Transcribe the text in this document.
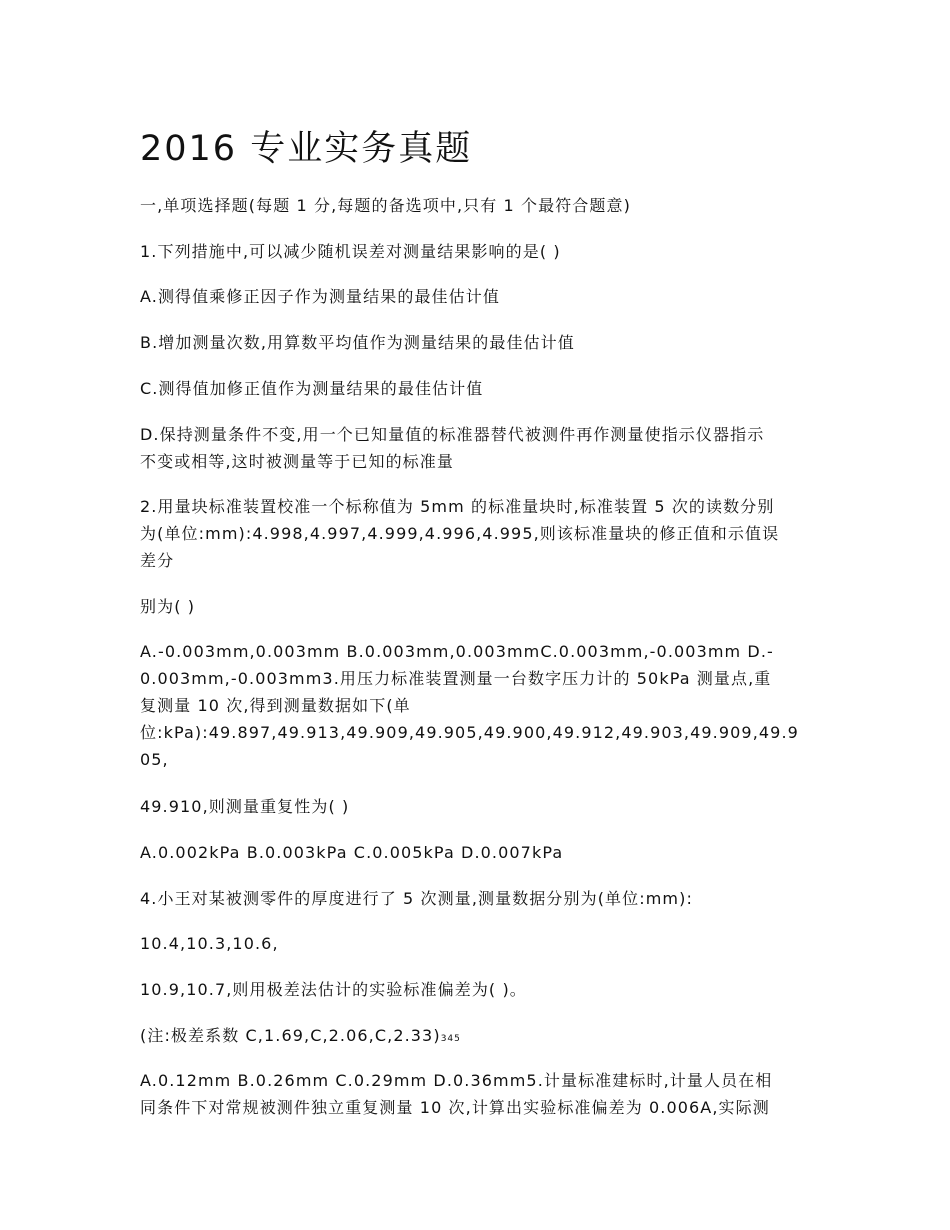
2016 专业实务真题

一,单项选择题(每题 1 分,每题的备选项中,只有 1 个最符合题意)

1.下列措施中,可以减少随机误差对测量结果影响的是( )

A.测得值乘修正因子作为测量结果的最佳估计值

B.增加测量次数,用算数平均值作为测量结果的最佳估计值

C.测得值加修正值作为测量结果的最佳估计值

D.保持测量条件不变,用一个已知量值的标准器替代被测件再作测量使指示仪器指示
不变或相等,这时被测量等于已知的标准量
2.用量块标准装置校准一个标称值为 5mm 的标准量块时,标准装置 5 次的读数分别
为(单位:mm):4.998,4.997,4.999,4.996,4.995,则该标准量块的修正值和示值误
差分

别为( )

A.-0.003mm,0.003mm B.0.003mm,0.003mmC.0.003mm,-0.003mm D.-
0.003mm,-0.003mm3.用压力标准装置测量一台数字压力计的 50kPa 测量点,重
复测量 10 次,得到测量数据如下(单
位:kPa):49.897,49.913,49.909,49.905,49.900,49.912,49.903,49.909,49.9
05,

49.910,则测量重复性为( )

A.0.002kPa B.0.003kPa C.0.005kPa D.0.007kPa

4.小王对某被测零件的厚度进行了 5 次测量,测量数据分别为(单位:mm):

10.4,10.3,10.6,

10.9,10.7,则用极差法估计的实验标准偏差为( )。

(注:极差系数 C,1.69,C,2.06,C,2.33)345

A.0.12mm B.0.26mm C.0.29mm D.0.36mm5.计量标准建标时,计量人员在相
同条件下对常规被测件独立重复测量 10 次,计算出实验标准偏差为 0.006A,实际测
